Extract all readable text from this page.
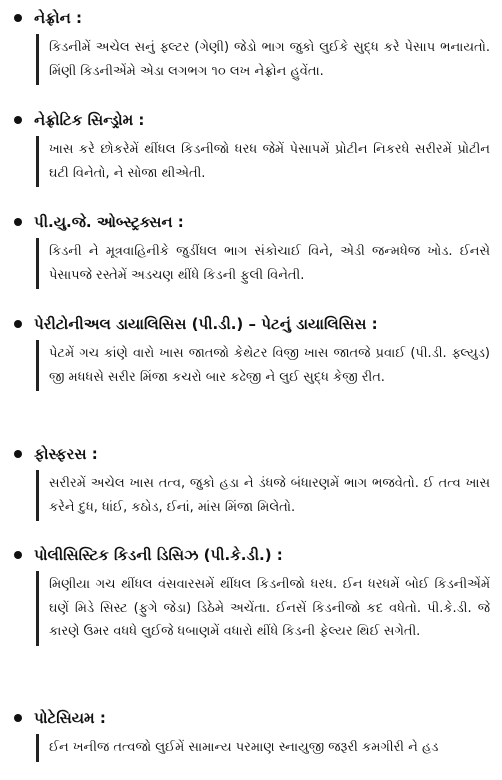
નેફ્રોન :
કિડનીમેં અચેલ સનું ફ્લ્ટર (ગેણી) જેડો ભાગ જુકો લુઈકે સુદ્ધ કરે પેસાપ ભનાયતો. મિંણી કિડનીએંમે એડા લગભગ ૧૦ લખ નેફ્રોન હુવેંતા.
નેફ્રોટિક સિન્ડ્રોમ :
ખાસ કરે છોકરેમેં થીંધલ કિડનીજો ધરધ જેમેં પેસાપમેં પ્રોટીન નિકરધે સરીરમેં પ્રોટીન ઘટી વિનેતો, ને સોજા થીએતી.
પી.યુ.જે. ઓબ્સ્ટ્રક્સન :
કિડની ને મૂત્રવાહિનીકે જુડીંધલ ભાગ સંકોચાઈ વિને, એડી જન્મધેજ ખોડ. ઈનસે પેસાપજે રસ્તેમેં અડચણ થીંધે કિડની ફુલી વિનેતી.
પેરીટોનીઅલ ડાયાલિસિસ (પી.ડી.) – પેટનું ડાયાલિસિસ :
પેટમેં ગચ કાંણે વારો ખાસ જાતજો કેથેટર વિજી ખાસ જાતજે પ્રવાઈ (પી.ડી. ફ્લ્યુડ) જી મધધસે સરીર મિંજા કચરો બાર કઢેજી ને લુઈ સુદ્ધ કેજી રીત.
ફોસ્ફરસ :
સરીરમેં અચેલ ખાસ તત્વ, જુકો હડા ને ડંધજે બંધારણમેં ભાગ ભજવેતો. ઈ તત્વ ખાસ કરેને દુધ, ધાંઈ, કઠોડ, ઈનાં, માંસ મિંજા મિલેતો.
પોલીસિસ્ટિક કિડની ડિસિઝ (પી.કે.ડી.) :
મિણીયા ગચ થીંધલ વંસવારસમેં થીંધલ કિડનીજો ધરધ. ઈન ધરધમેં બોઈ કિડનીએંમેં ઘણેં મિડે સિસ્ટ (ફુગે જેડા) ડિઠેમે અચેંતા. ઈનસેં કિડનીજો કદ વધેતો. પી.કે.ડી. જે કારણે ઉમર વધધે લુઈજે ધબાણમેં વધારો થીંધે કિડની ફેલ્યર થિઈ સગેતી.
પોટેસિયમ :
ઈન ખનીજ તત્વજો લુઈમેં સામાન્ય પરમાણ સ્નાયુજી જરૂરી કમગીરી ને હડ
